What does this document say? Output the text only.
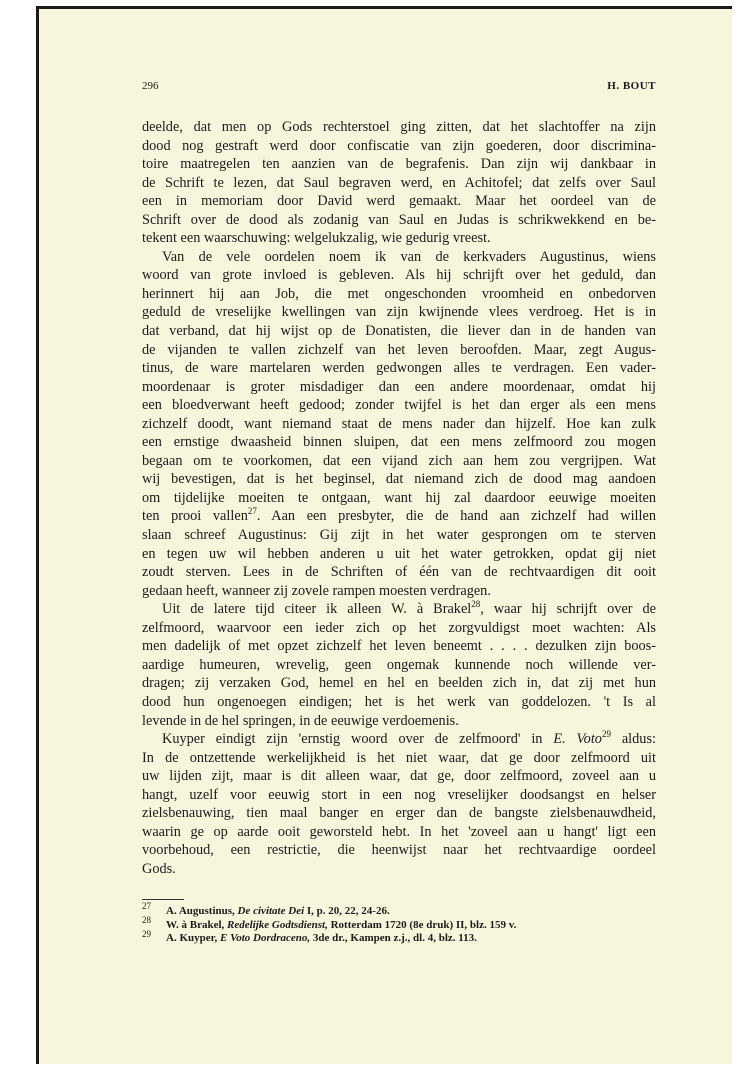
296	H. BOUT
deelde, dat men op Gods rechterstoel ging zitten, dat het slachtoffer na zijn
dood nog gestraft werd door confiscatie van zijn goederen, door discrimina-
toire maatregelen ten aanzien van de begrafenis. Dan zijn wij dankbaar in
de Schrift te lezen, dat Saul begraven werd, en Achitofel; dat zelfs over Saul
een in memoriam door David werd gemaakt. Maar het oordeel van de
Schrift over de dood als zodanig van Saul en Judas is schrikwekkend en be-
tekent een waarschuwing: welgelukzalig, wie gedurig vreest.
Van de vele oordelen noem ik van de kerkvaders Augustinus, wiens
woord van grote invloed is gebleven. Als hij schrijft over het geduld, dan
herinnert hij aan Job, die met ongeschonden vroomheid en onbedorven
geduld de vreselijke kwellingen van zijn kwijnende vlees verdroeg. Het is in
dat verband, dat hij wijst op de Donatisten, die liever dan in de handen van
de vijanden te vallen zichzelf van het leven beroofden. Maar, zegt Augus-
tinus, de ware martelaren werden gedwongen alles te verdragen. Een vader-
moordenaar is groter misdadiger dan een andere moordenaar, omdat hij
een bloedverwant heeft gedood; zonder twijfel is het dan erger als een mens
zichzelf doodt, want niemand staat de mens nader dan hijzelf. Hoe kan zulk
een ernstige dwaasheid binnen sluipen, dat een mens zelfmoord zou mogen
begaan om te voorkomen, dat een vijand zich aan hem zou vergrijpen. Wat
wij bevestigen, dat is het beginsel, dat niemand zich de dood mag aandoen
om tijdelijke moeiten te ontgaan, want hij zal daardoor eeuwige moeiten
ten prooi vallen$^{27}$. Aan een presbyter, die de hand aan zichzelf had willen
slaan schreef Augustinus: Gij zijt in het water gesprongen om te sterven
en tegen uw wil hebben anderen u uit het water getrokken, opdat gij niet
zoudt sterven. Lees in de Schriften of één van de rechtvaardigen dit ooit
gedaan heeft, wanneer zij zovele rampen moesten verdragen.
Uit de latere tijd citeer ik alleen W. à Brakel$^{28}$, waar hij schrijft over de
zelfmoord, waarvoor een ieder zich op het zorgvuldigst moet wachten: Als
men dadelijk of met opzet zichzelf het leven beneemt . . . . dezulken zijn boos-
aardige humeuren, wrevelig, geen ongemak kunnende noch willende ver-
dragen; zij verzaken God, hemel en hel en beelden zich in, dat zij met hun
dood hun ongenoegen eindigen; het is het werk van goddelozen. 't Is al
levende in de hel springen, in de eeuwige verdoemenis.
Kuyper eindigt zijn 'ernstig woord over de zelfmoord' in E. Voto$^{29}$ aldus:
In de ontzettende werkelijkheid is het niet waar, dat ge door zelfmoord uit
uw lijden zijt, maar is dit alleen waar, dat ge, door zelfmoord, zoveel aan u
hangt, uzelf voor eeuwig stort in een nog vreselijker doodsangst en helser
zielsbenauwing, tien maal banger en erger dan de bangste zielsbenauwdheid,
waarin ge op aarde ooit geworsteld hebt. In het 'zoveel aan u hangt' ligt een
voorbehoud, een restrictie, die heenwijst naar het rechtvaardige oordeel
Gods.
27 A. Augustinus, De civitate Dei I, p. 20, 22, 24-26.
28 W. à Brakel, Redelijke Godtsdienst, Rotterdam 1720 (8e druk) II, blz. 159 v.
29 A. Kuyper, E Voto Dordraceno, 3de dr., Kampen z.j., dl. 4, blz. 113.
